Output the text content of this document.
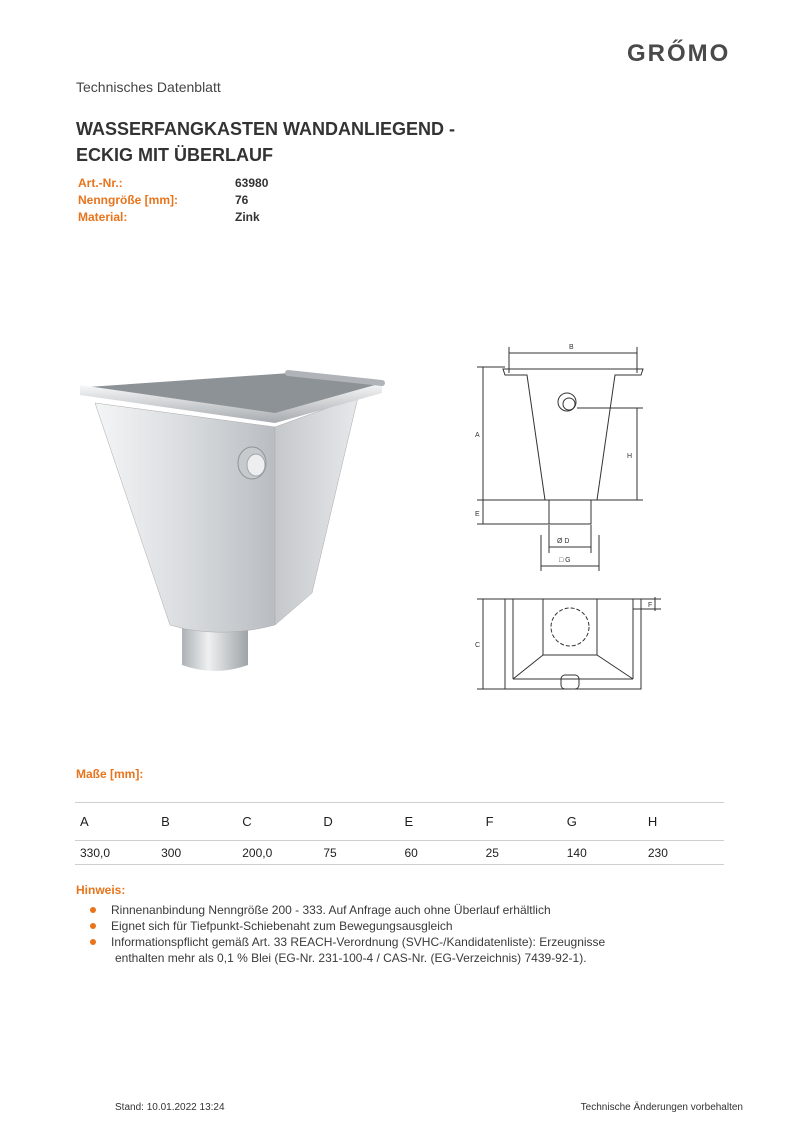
GRŐMO
Technisches Datenblatt
WASSERFANGKASTEN WANDANLIEGEND -
ECKIG MIT ÜBERLAUF
Art.-Nr.:	63980
Nenngröße [mm]:	76
Material:	Zink
B
A
E
H
Ø D
□ G
C
F
Maße [mm]:
A	B	C	D	E	F	G	H
330,0	300	200,0	75	60	25	140	230
Hinweis:
Rinnenanbindung Nenngröße 200 - 333. Auf Anfrage auch ohne Überlauf erhältlich
Eignet sich für Tiefpunkt-Schiebenaht zum Bewegungsausgleich
Informationspflicht gemäß Art. 33 REACH-Verordnung (SVHC-/Kandidatenliste): Erzeugnisse
enthalten mehr als 0,1 % Blei (EG-Nr. 231-100-4 / CAS-Nr. (EG-Verzeichnis) 7439-92-1).
Stand: 10.01.2022 13:24	Technische Änderungen vorbehalten
